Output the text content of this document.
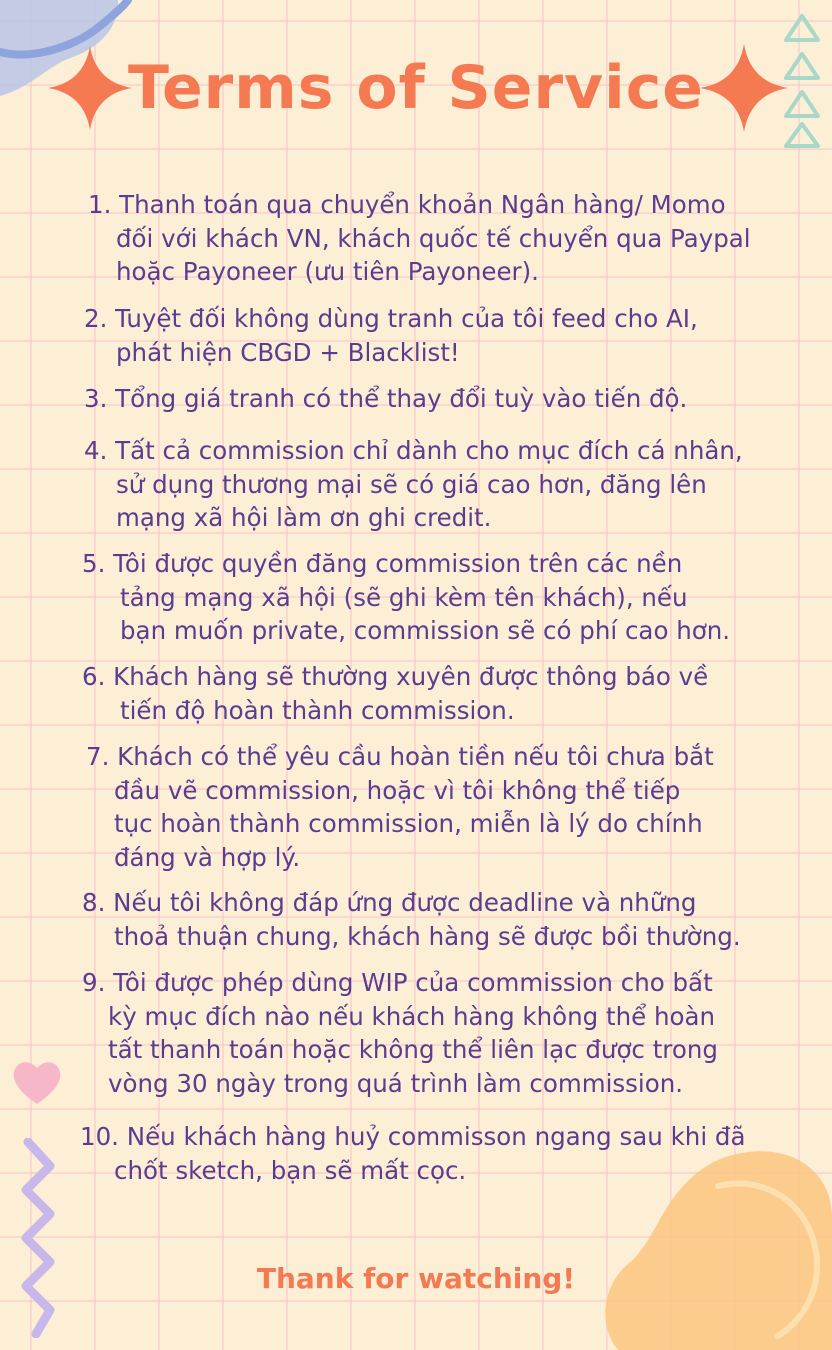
Terms of Service
1. Thanh toán qua chuyển khoản Ngân hàng/ Momo
đối với khách VN, khách quốc tế chuyển qua Paypal
hoặc Payoneer (ưu tiên Payoneer).
2. Tuyệt đối không dùng tranh của tôi feed cho AI,
phát hiện CBGD + Blacklist!
3. Tổng giá tranh có thể thay đổi tuỳ vào tiến độ.
4. Tất cả commission chỉ dành cho mục đích cá nhân,
sử dụng thương mại sẽ có giá cao hơn, đăng lên
mạng xã hội làm ơn ghi credit.
5. Tôi được quyền đăng commission trên các nền
tảng mạng xã hội (sẽ ghi kèm tên khách), nếu
bạn muốn private, commission sẽ có phí cao hơn.
6. Khách hàng sẽ thường xuyên được thông báo về
tiến độ hoàn thành commission.
7. Khách có thể yêu cầu hoàn tiền nếu tôi chưa bắt
đầu vẽ commission, hoặc vì tôi không thể tiếp
tục hoàn thành commission, miễn là lý do chính
đáng và hợp lý.
8. Nếu tôi không đáp ứng được deadline và những
thoả thuận chung, khách hàng sẽ được bồi thường.
9. Tôi được phép dùng WIP của commission cho bất
kỳ mục đích nào nếu khách hàng không thể hoàn
tất thanh toán hoặc không thể liên lạc được trong
vòng 30 ngày trong quá trình làm commission.
10. Nếu khách hàng huỷ commisson ngang sau khi đã
chốt sketch, bạn sẽ mất cọc.
Thank for watching!
